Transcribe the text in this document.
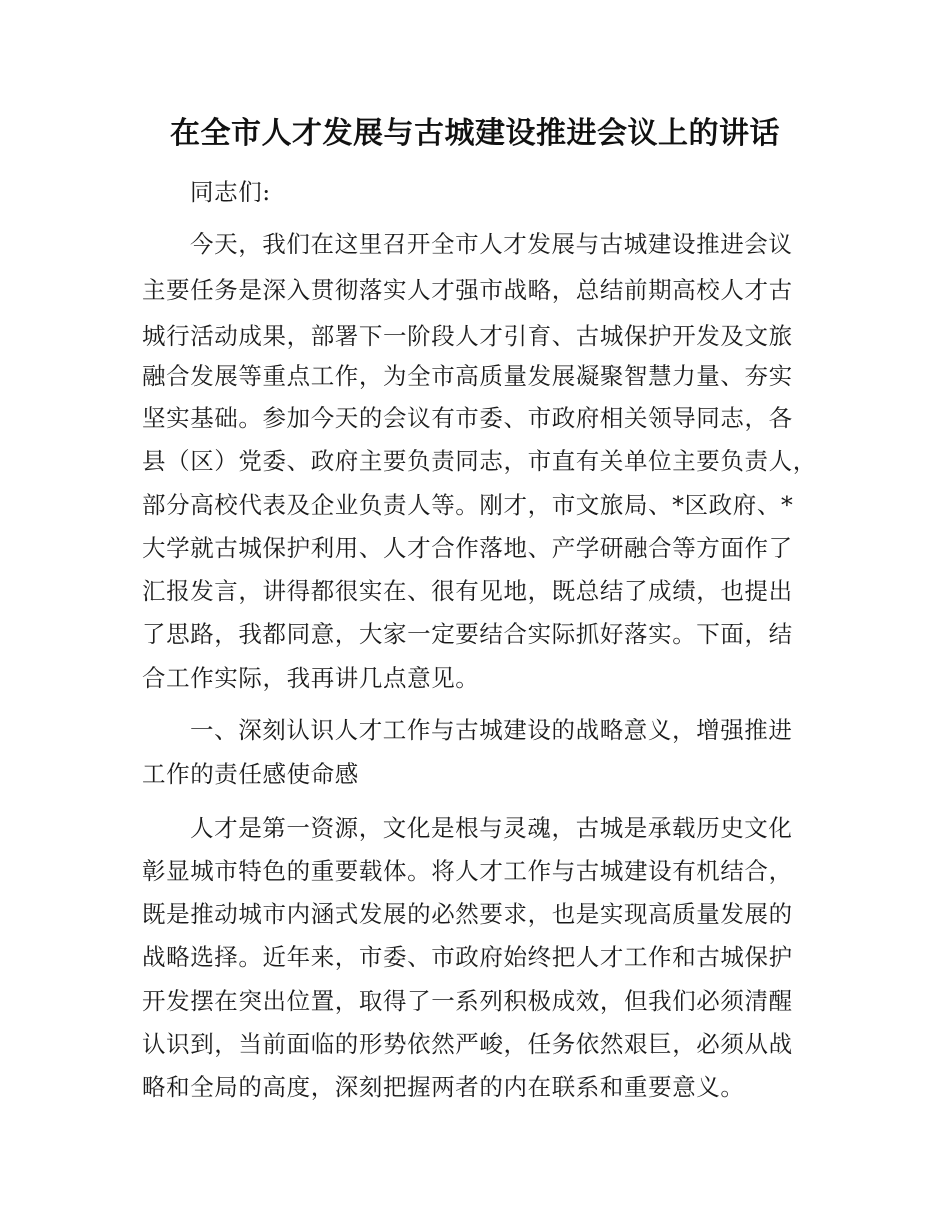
在全市人才发展与古城建设推进会议上的讲话
同志们:
今天，我们在这里召开全市人才发展与古城建设推进会议
主要任务是深入贯彻落实人才强市战略，总结前期高校人才古
城行活动成果，部署下一阶段人才引育、古城保护开发及文旅
融合发展等重点工作，为全市高质量发展凝聚智慧力量、夯实
坚实基础。参加今天的会议有市委、市政府相关领导同志，各
县（区）党委、政府主要负责同志，市直有关单位主要负责人，
部分高校代表及企业负责人等。刚才，市文旅局、*区政府、*
大学就古城保护利用、人才合作落地、产学研融合等方面作了
汇报发言，讲得都很实在、很有见地，既总结了成绩，也提出
了思路，我都同意，大家一定要结合实际抓好落实。下面，结
合工作实际，我再讲几点意见。
一、深刻认识人才工作与古城建设的战略意义，增强推进
工作的责任感使命感
人才是第一资源，文化是根与灵魂，古城是承载历史文化
彰显城市特色的重要载体。将人才工作与古城建设有机结合，
既是推动城市内涵式发展的必然要求，也是实现高质量发展的
战略选择。近年来，市委、市政府始终把人才工作和古城保护
开发摆在突出位置，取得了一系列积极成效，但我们必须清醒
认识到，当前面临的形势依然严峻，任务依然艰巨，必须从战
略和全局的高度，深刻把握两者的内在联系和重要意义。
